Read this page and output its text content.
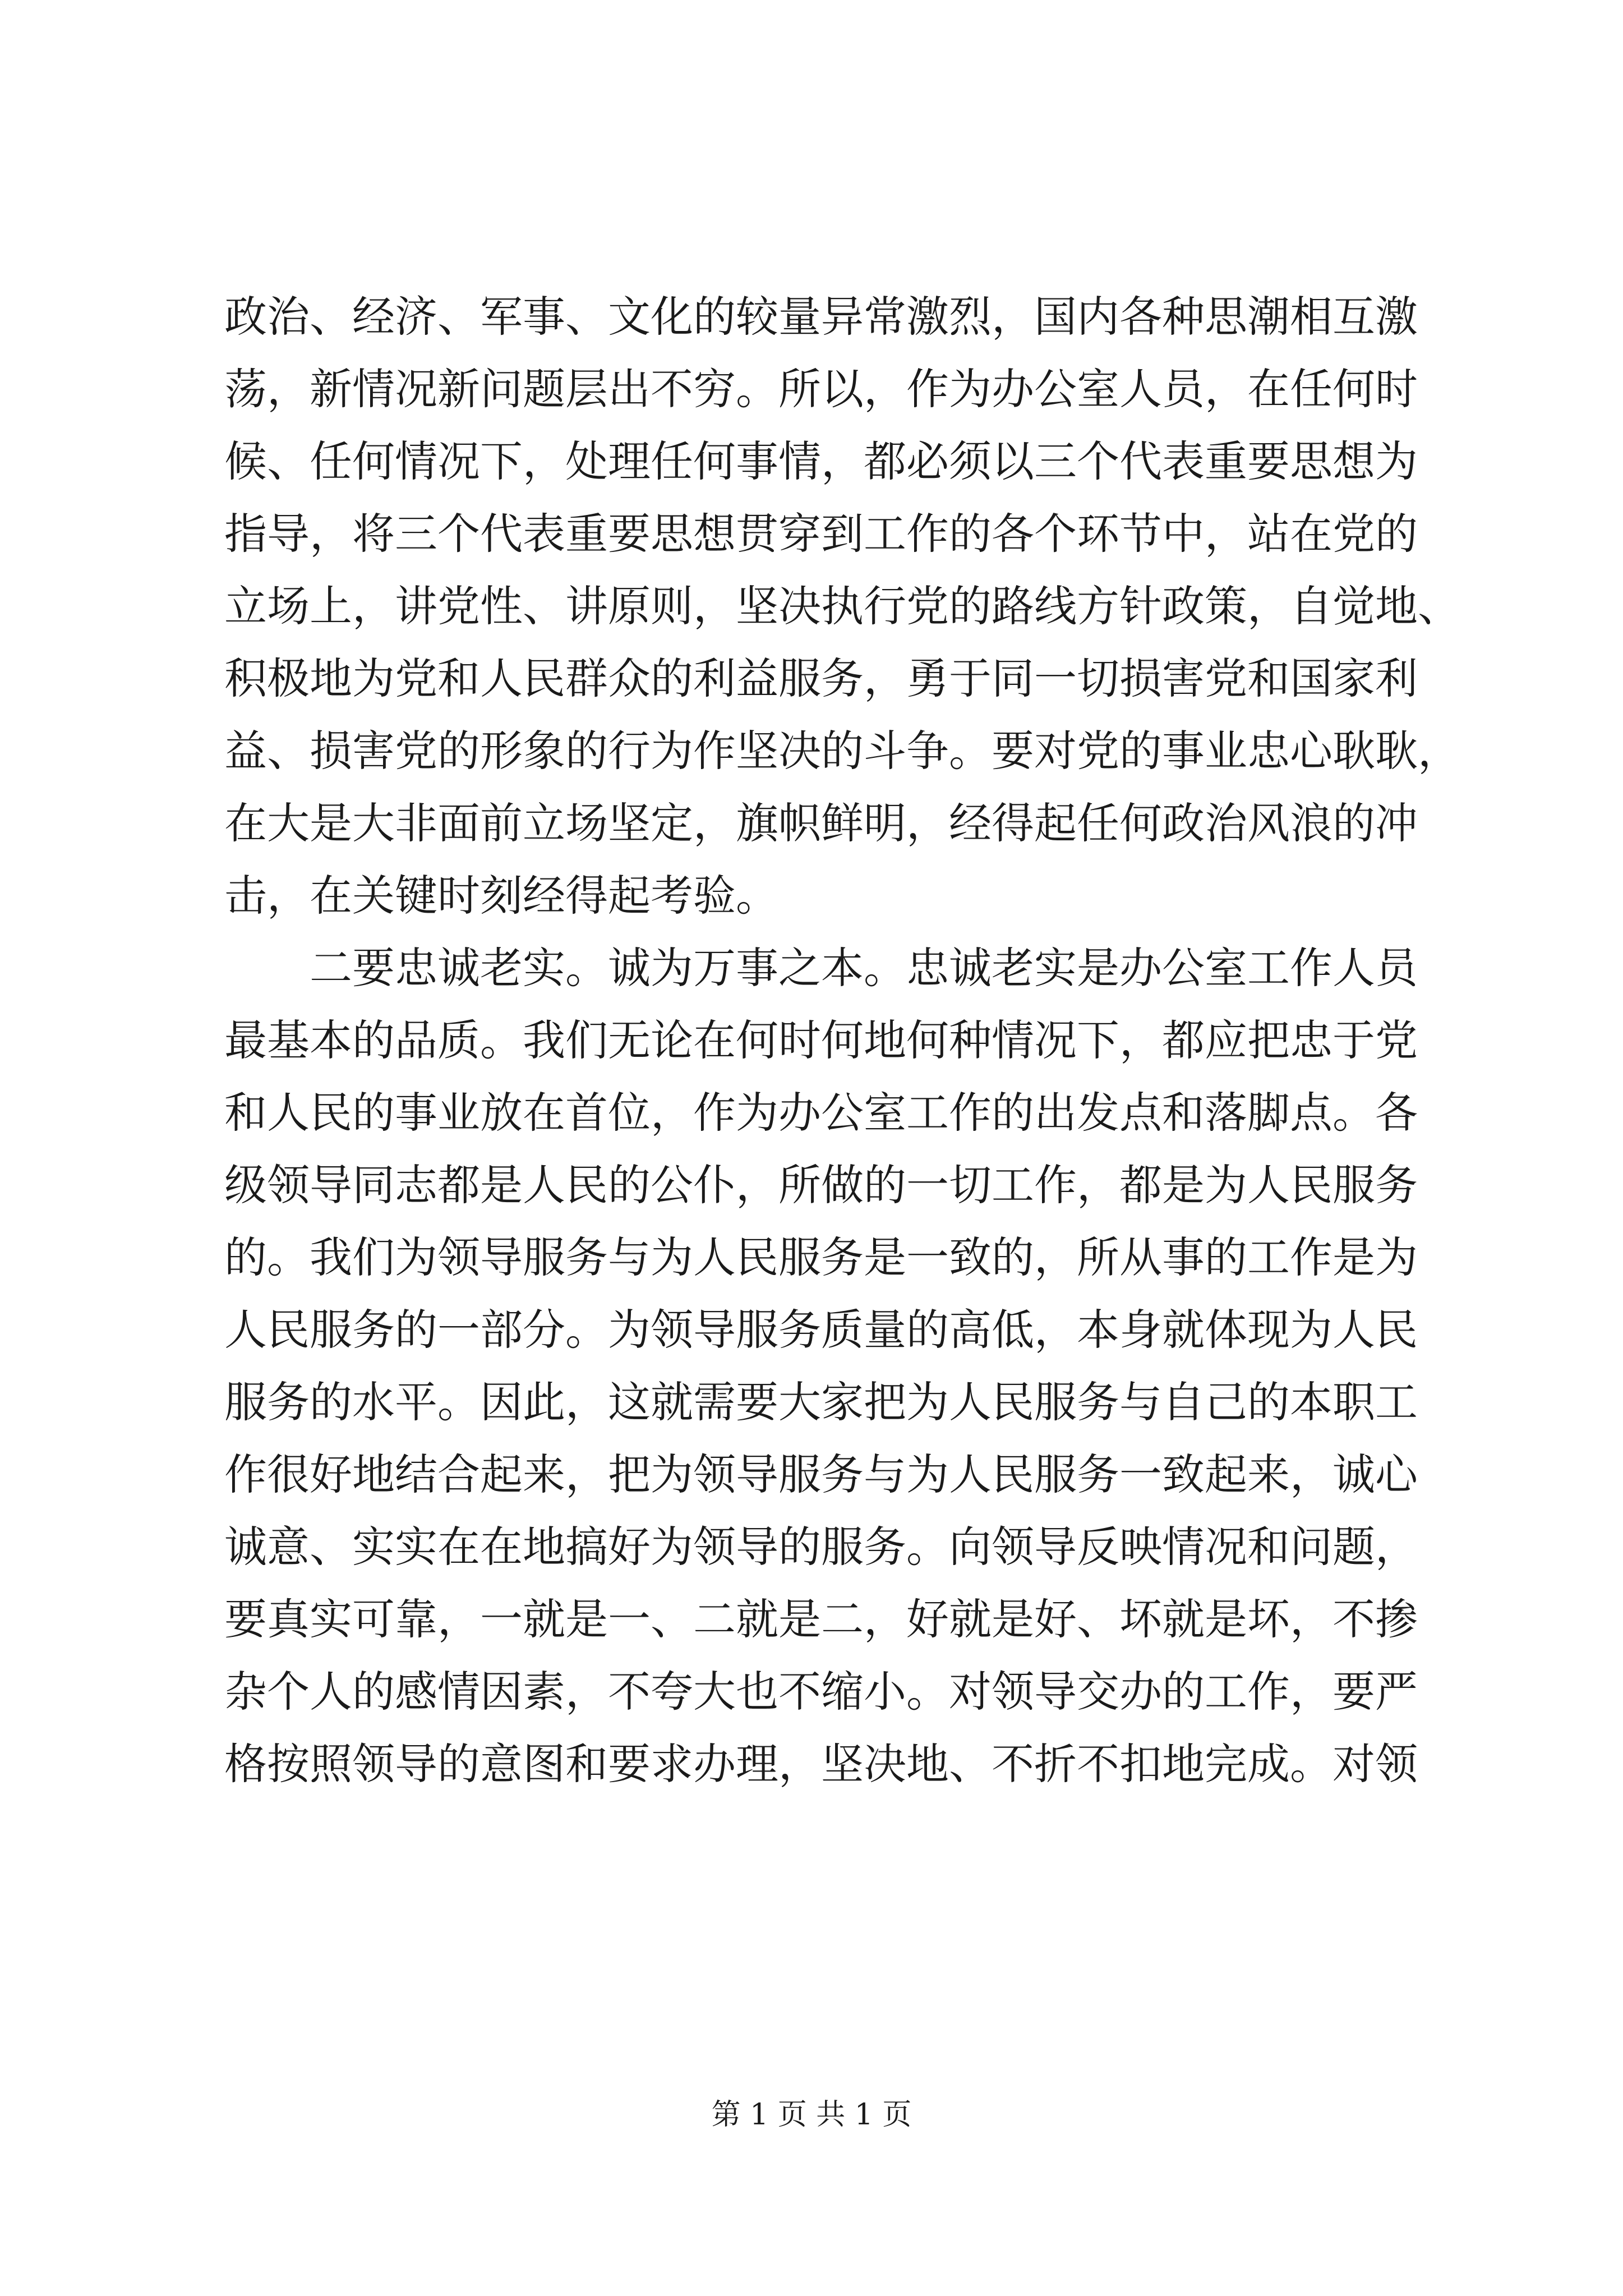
政治、经济、军事、文化的较量异常激烈，国内各种思潮相互激
荡，新情况新问题层出不穷。所以，作为办公室人员，在任何时
候、任何情况下，处理任何事情，都必须以三个代表重要思想为
指导，将三个代表重要思想贯穿到工作的各个环节中，站在党的
立场上，讲党性、讲原则，坚决执行党的路线方针政策，自觉地、
积极地为党和人民群众的利益服务，勇于同一切损害党和国家利
益、损害党的形象的行为作坚决的斗争。要对党的事业忠心耿耿，
在大是大非面前立场坚定，旗帜鲜明，经得起任何政治风浪的冲
击，在关键时刻经得起考验。
二要忠诚老实。诚为万事之本。忠诚老实是办公室工作人员
最基本的品质。我们无论在何时何地何种情况下，都应把忠于党
和人民的事业放在首位，作为办公室工作的出发点和落脚点。各
级领导同志都是人民的公仆，所做的一切工作，都是为人民服务
的。我们为领导服务与为人民服务是一致的，所从事的工作是为
人民服务的一部分。为领导服务质量的高低，本身就体现为人民
服务的水平。因此，这就需要大家把为人民服务与自己的本职工
作很好地结合起来，把为领导服务与为人民服务一致起来，诚心
诚意、实实在在地搞好为领导的服务。向领导反映情况和问题，
要真实可靠，一就是一、二就是二，好就是好、坏就是坏，不掺
杂个人的感情因素，不夸大也不缩小。对领导交办的工作，要严
格按照领导的意图和要求办理，坚决地、不折不扣地完成。对领
第 1 页 共 1 页
